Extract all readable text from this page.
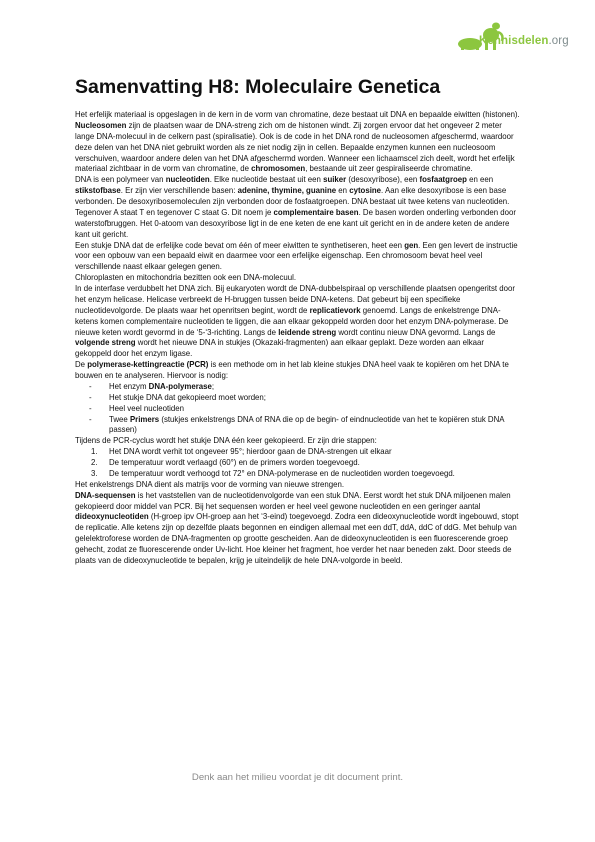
Kennisdelen.org
Samenvatting H8: Moleculaire Genetica

Het erfelijk materiaal is opgeslagen in de kern in de vorm van chromatine, deze bestaat uit DNA en bepaalde eiwitten (histonen). Nucleosomen zijn de plaatsen waar de DNA-streng zich om de histonen windt. Zij zorgen ervoor dat het ongeveer 2 meter lange DNA-molecuul in de celkern past (spiralisatie). Ook is de code in het DNA rond de nucleosomen afgeschermd, waardoor deze delen van het DNA niet gebruikt worden als ze niet nodig zijn in cellen. Bepaalde enzymen kunnen een nucleosoom verschuiven, waardoor andere delen van het DNA afgeschermd worden. Wanneer een lichaamscel zich deelt, wordt het erfelijk materiaal zichtbaar in de vorm van chromatine, de chromosomen, bestaande uit zeer gespiraliseerde chromatine.

DNA is een polymeer van nucleotiden. Elke nucleotide bestaat uit een suiker (desoxyribose), een fosfaatgroep en een stikstofbase. Er zijn vier verschillende basen: adenine, thymine, guanine en cytosine. Aan elke desoxyribose is een base verbonden. De desoxyribosemoleculen zijn verbonden door de fosfaatgroepen. DNA bestaat uit twee ketens van nucleotiden. Tegenover A staat T en tegenover C staat G. Dit noem je complementaire basen. De basen worden onderling verbonden door waterstofbruggen. Het 0-atoom van desoxyribose ligt in de ene keten de ene kant uit gericht en in de andere keten de andere kant uit gericht.

Een stukje DNA dat de erfelijke code bevat om één of meer eiwitten te synthetiseren, heet een gen. Een gen levert de instructie voor een opbouw van een bepaald eiwit en daarmee voor een erfelijke eigenschap. Een chromosoom bevat heel veel verschillende naast elkaar gelegen genen.

Chloroplasten en mitochondria bezitten ook een DNA-molecuul.

In de interfase verdubbelt het DNA zich. Bij eukaryoten wordt de DNA-dubbelspiraal op verschillende plaatsen opengeritst door het enzym helicase. Helicase verbreekt de H-bruggen tussen beide DNA-ketens. Dat gebeurt bij een specifieke nucleotidevolgorde. De plaats waar het openritsen begint, wordt de replicatievork genoemd. Langs de enkelstrenge DNA-ketens komen complementaire nucleotiden te liggen, die aan elkaar gekoppeld worden door het enzym DNA-polymerase. De nieuwe keten wordt gevormd in de ‘5-‘3-richting. Langs de leidende streng wordt continu nieuw DNA gevormd. Langs de volgende streng wordt het nieuwe DNA in stukjes (Okazaki-fragmenten) aan elkaar geplakt. Deze worden aan elkaar gekoppeld door het enzym ligase.

De polymerase-kettingreactie (PCR) is een methode om in het lab kleine stukjes DNA heel vaak te kopiëren om het DNA te bouwen en te analyseren. Hiervoor is nodig:

- Het enzym DNA-polymerase;
- Het stukje DNA dat gekopieerd moet worden;
- Heel veel nucleotiden
- Twee Primers (stukjes enkelstrengs DNA of RNA die op de begin- of eindnucleotide van het te kopiëren stuk DNA passen)

Tijdens de PCR-cyclus wordt het stukje DNA één keer gekopieerd. Er zijn drie stappen:

1. Het DNA wordt verhit tot ongeveer 95°; hierdoor gaan de DNA-strengen uit elkaar
2. De temperatuur wordt verlaagd (60°) en de primers worden toegevoegd.
3. De temperatuur wordt verhoogd tot 72° en DNA-polymerase en de nucleotiden worden toegevoegd.

Het enkelstrengs DNA dient als matrijs voor de vorming van nieuwe strengen.

DNA-sequensen is het vaststellen van de nucleotidenvolgorde van een stuk DNA. Eerst wordt het stuk DNA miljoenen malen gekopieerd door middel van PCR. Bij het sequensen worden er heel veel gewone nucleotiden en een geringer aantal dideoxynucleotiden (H-groep ipv OH-groep aan het ‘3-eind) toegevoegd. Zodra een dideoxynucleotide wordt ingebouwd, stopt de replicatie. Alle ketens zijn op dezelfde plaats begonnen en eindigen allemaal met een ddT, ddA, ddC of ddG. Met behulp van gelelektroforese worden de DNA-fragmenten op grootte gescheiden. Aan de dideoxynucleotiden is een fluorescerende groep gehecht, zodat ze fluorescerende onder Uv-licht. Hoe kleiner het fragment, hoe verder het naar beneden zakt. Door steeds de plaats van de dideoxynucleotide te bepalen, krijg je uiteindelijk de hele DNA-volgorde in beeld.

Denk aan het milieu voordat je dit document print.
